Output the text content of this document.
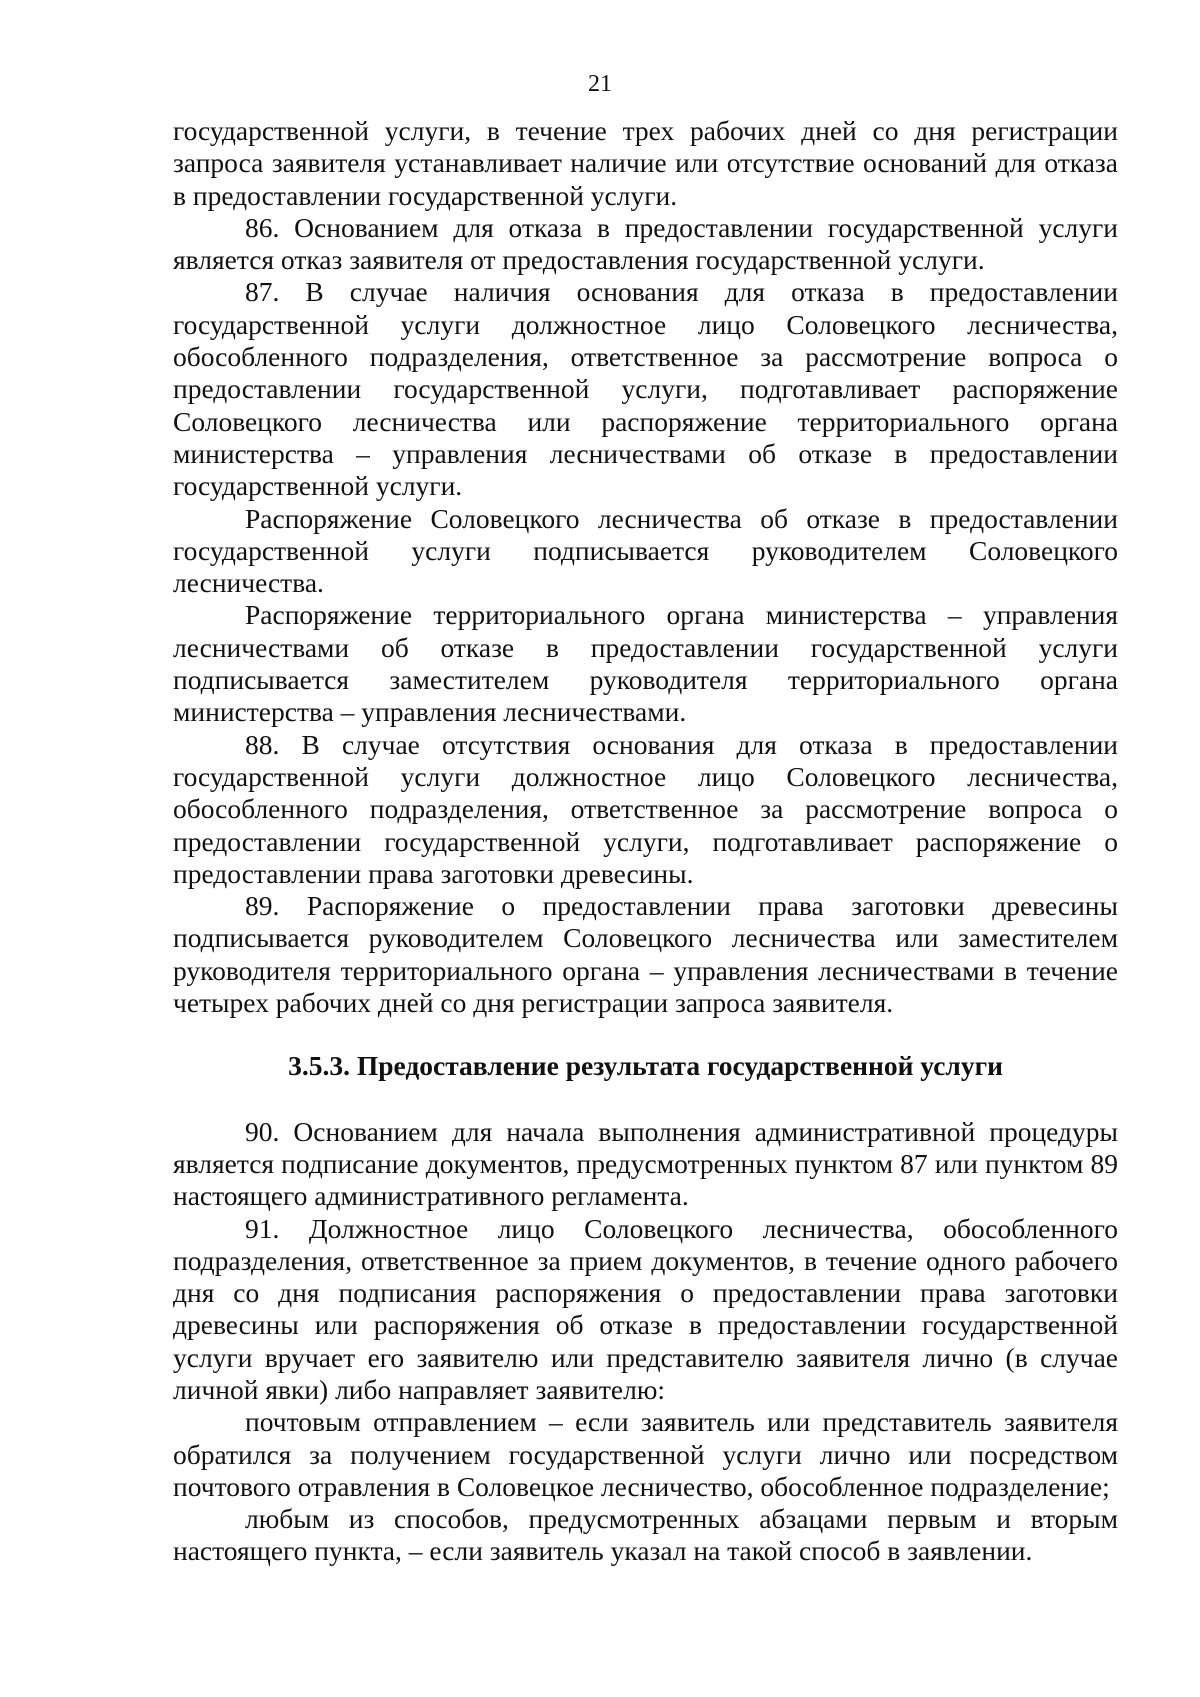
21

государственной услуги, в течение трех рабочих дней со дня регистрации запроса заявителя устанавливает наличие или отсутствие оснований для отказа в предоставлении государственной услуги.

86. Основанием для отказа в предоставлении государственной услуги является отказ заявителя от предоставления государственной услуги.

87. В случае наличия основания для отказа в предоставлении государственной услуги должностное лицо Соловецкого лесничества, обособленного подразделения, ответственное за рассмотрение вопроса о предоставлении государственной услуги, подготавливает распоряжение Соловецкого лесничества или распоряжение территориального органа министерства – управления лесничествами об отказе в предоставлении государственной услуги.

Распоряжение Соловецкого лесничества об отказе в предоставлении государственной услуги подписывается руководителем Соловецкого лесничества.

Распоряжение территориального органа министерства – управления лесничествами об отказе в предоставлении государственной услуги подписывается заместителем руководителя территориального органа министерства – управления лесничествами.

88. В случае отсутствия основания для отказа в предоставлении государственной услуги должностное лицо Соловецкого лесничества, обособленного подразделения, ответственное за рассмотрение вопроса о предоставлении государственной услуги, подготавливает распоряжение о предоставлении права заготовки древесины.

89. Распоряжение о предоставлении права заготовки древесины подписывается руководителем Соловецкого лесничества или заместителем руководителя территориального органа – управления лесничествами в течение четырех рабочих дней со дня регистрации запроса заявителя.

3.5.3. Предоставление результата государственной услуги

90. Основанием для начала выполнения административной процедуры является подписание документов, предусмотренных пунктом 87 или пунктом 89 настоящего административного регламента.

91. Должностное лицо Соловецкого лесничества, обособленного подразделения, ответственное за прием документов, в течение одного рабочего дня со дня подписания распоряжения о предоставлении права заготовки древесины или распоряжения об отказе в предоставлении государственной услуги вручает его заявителю или представителю заявителя лично (в случае личной явки) либо направляет заявителю:

почтовым отправлением – если заявитель или представитель заявителя обратился за получением государственной услуги лично или посредством почтового отравления в Соловецкое лесничество, обособленное подразделение;

любым из способов, предусмотренных абзацами первым и вторым настоящего пункта, – если заявитель указал на такой способ в заявлении.
